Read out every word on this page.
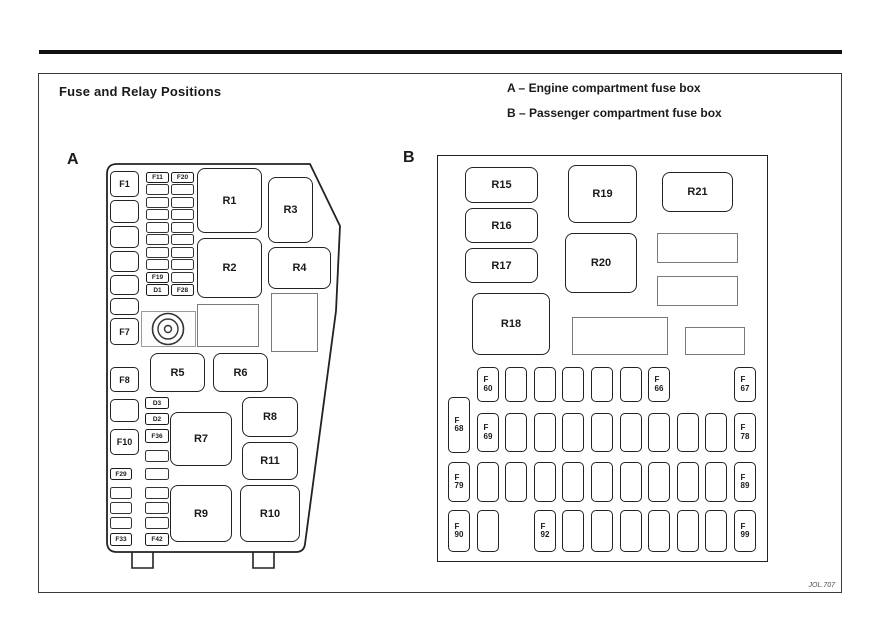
Fuse and Relay Positions	A – Engine compartment fuse box
B – Passenger compartment fuse box
A	B
R1
R2
R3
R4
R5	R6
R7
R8
R9	R10
R11
R15
R16
R17
R18
R19
R20
R21
JOL.707
F1
F7
F8
F10
F11
F19
D1
F20
F28
D3
D2
F36
F42
F29
F33
F
60
F
66
F
67
F
68	F
69
F
78
F
79
F
89
F
90
F
92
F
99
